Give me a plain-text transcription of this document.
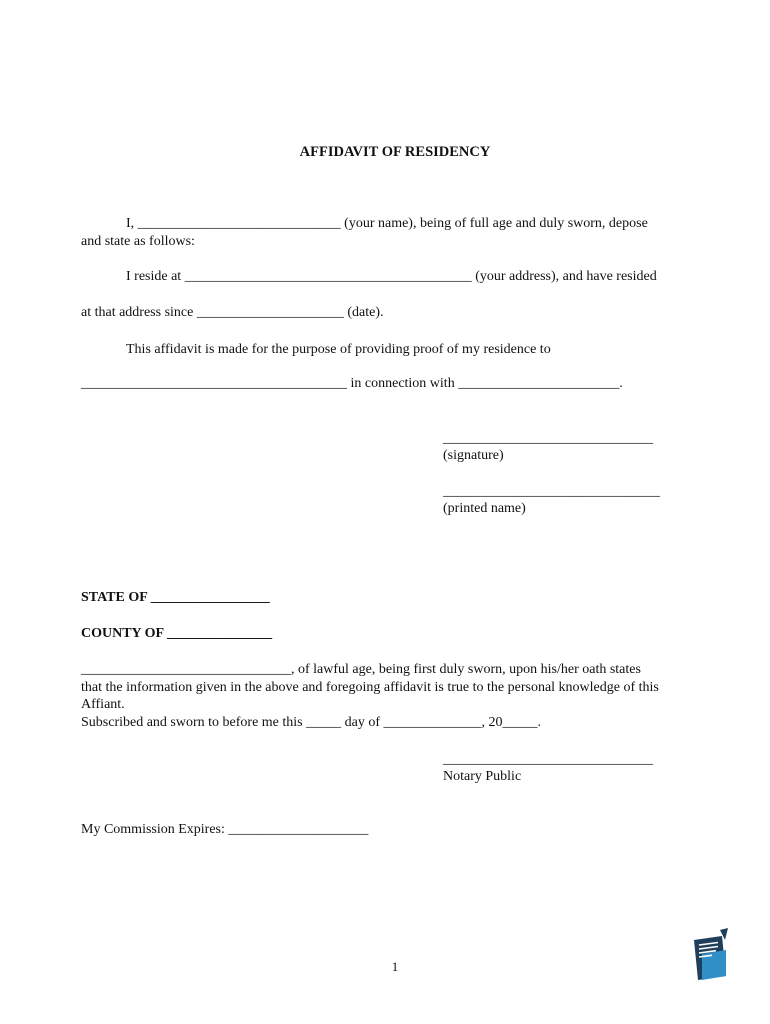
AFFIDAVIT OF RESIDENCY
I, _____________________________ (your name), being of full age and duly sworn, depose
and state as follows:
I reside at _________________________________________ (your address), and have resided
at that address since _____________________ (date).
This affidavit is made for the purpose of providing proof of my residence to
______________________________________ in connection with _______________________.
______________________________
(signature)
_______________________________
(printed name)
STATE OF _________________
COUNTY OF _______________
______________________________, of lawful age, being first duly sworn, upon his/her oath states
that the information given in the above and foregoing affidavit is true to the personal knowledge of this
Affiant.
Subscribed and sworn to before me this _____ day of ______________, 20_____.
______________________________
Notary Public
My Commission Expires: ____________________
1
